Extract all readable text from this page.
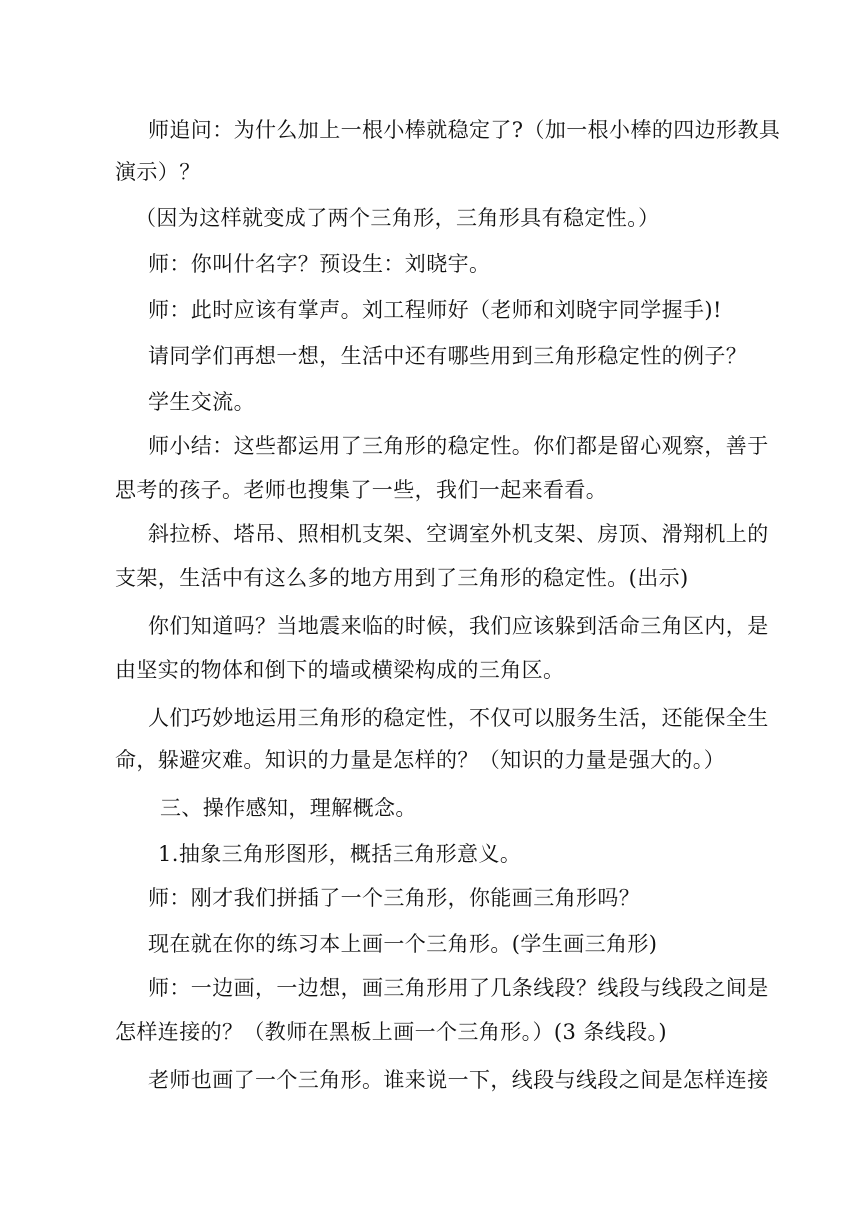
师追问：为什么加上一根小棒就稳定了?（加一根小棒的四边形教具
演示）？
（因为这样就变成了两个三角形，三角形具有稳定性。）
师：你叫什名字？预设生：刘晓宇。
师：此时应该有掌声。刘工程师好（老师和刘晓宇同学握手)!
请同学们再想一想，生活中还有哪些用到三角形稳定性的例子？
学生交流。
师小结：这些都运用了三角形的稳定性。你们都是留心观察，善于
思考的孩子。老师也搜集了一些，我们一起来看看。
斜拉桥、塔吊、照相机支架、空调室外机支架、房顶、滑翔机上的
支架，生活中有这么多的地方用到了三角形的稳定性。(出示)
你们知道吗？当地震来临的时候，我们应该躲到活命三角区内，是
由坚实的物体和倒下的墙或横梁构成的三角区。
人们巧妙地运用三角形的稳定性，不仅可以服务生活，还能保全生
命，躲避灾难。知识的力量是怎样的？（知识的力量是强大的。）
三、操作感知，理解概念。
1.抽象三角形图形，概括三角形意义。
师：刚才我们拼插了一个三角形，你能画三角形吗？
现在就在你的练习本上画一个三角形。(学生画三角形)
师：一边画，一边想，画三角形用了几条线段？线段与线段之间是
怎样连接的？（教师在黑板上画一个三角形。）(3 条线段。)
老师也画了一个三角形。谁来说一下，线段与线段之间是怎样连接
